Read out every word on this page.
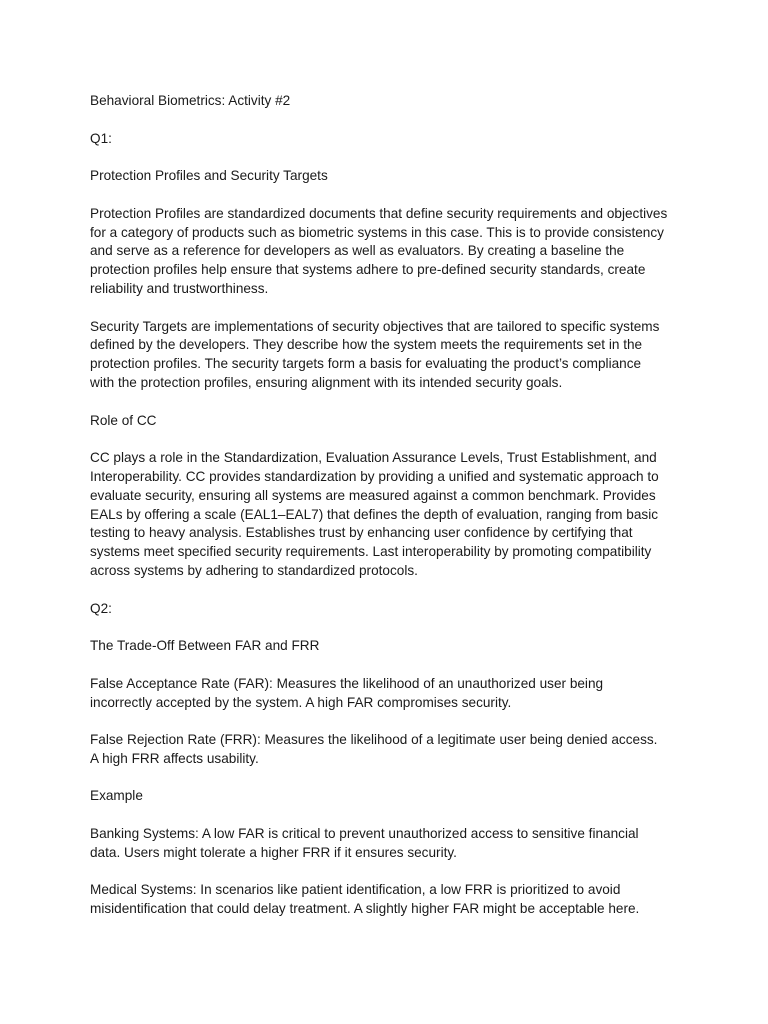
Behavioral Biometrics: Activity #2

Q1:

Protection Profiles and Security Targets

Protection Profiles are standardized documents that define security requirements and objectives for a category of products such as biometric systems in this case. This is to provide consistency and serve as a reference for developers as well as evaluators. By creating a baseline the protection profiles help ensure that systems adhere to pre-defined security standards, create reliability and trustworthiness.

Security Targets are implementations of security objectives that are tailored to specific systems defined by the developers. They describe how the system meets the requirements set in the protection profiles. The security targets form a basis for evaluating the product’s compliance with the protection profiles, ensuring alignment with its intended security goals.

Role of CC

CC plays a role in the Standardization, Evaluation Assurance Levels, Trust Establishment, and Interoperability. CC provides standardization by providing a unified and systematic approach to evaluate security, ensuring all systems are measured against a common benchmark. Provides EALs by offering a scale (EAL1–EAL7) that defines the depth of evaluation, ranging from basic testing to heavy analysis. Establishes trust by enhancing user confidence by certifying that systems meet specified security requirements. Last interoperability by promoting compatibility across systems by adhering to standardized protocols.

Q2:

The Trade-Off Between FAR and FRR

False Acceptance Rate (FAR): Measures the likelihood of an unauthorized user being incorrectly accepted by the system. A high FAR compromises security.

False Rejection Rate (FRR): Measures the likelihood of a legitimate user being denied access. A high FRR affects usability.

Example

Banking Systems: A low FAR is critical to prevent unauthorized access to sensitive financial data. Users might tolerate a higher FRR if it ensures security.

Medical Systems: In scenarios like patient identification, a low FRR is prioritized to avoid misidentification that could delay treatment. A slightly higher FAR might be acceptable here.
